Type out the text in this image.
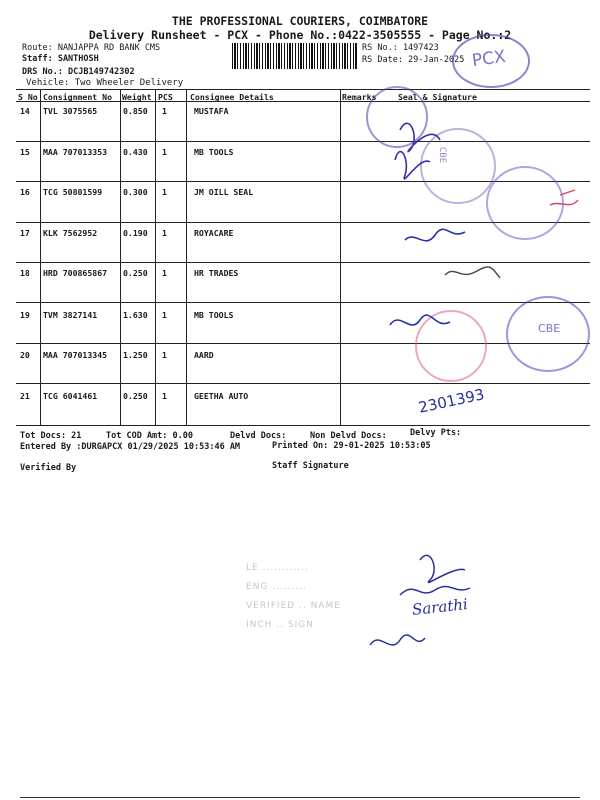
THE PROFESSIONAL COURIERS, COIMBATORE
Delivery Runsheet - PCX - Phone No.:0422-3505555 - Page No.:2
Route: NANJAPPA RD BANK CMS
Staff: SANTHOSH
DRS No.: DCJB149742302
Vehicle: Two Wheeler Delivery
RS No.: 1497423
RS Date: 29-Jan-2025
S No Consignment No Weight PCS Consignee Details	Remarks	Seal & Signature
14 TVL 3075565	0.850 1	MUSTAFA
15 MAA 707013353 0.430 1	MB TOOLS
16 TCG 50801599	0.300 1	JM OILL SEAL
17 KLK 7562952	0.190 1	ROYACARE
18 HRD 700865867 0.250 1	HR TRADES
19 TVM 3827141	1.630 1	MB TOOLS
20 MAA 707013345 1.250 1	AARD
21 TCG 6041461	0.250 1	GEETHA AUTO
Tot Docs: 21	Tot COD Amt: 0.00	Delvd Docs:	Non Delvd Docs:	Delvy Pts:
Entered By :DURGAPCX 01/29/2025 10:53:46 AM	Printed On: 29-01-2025 10:53:05
Verified By	Staff Signature
PCX
CBE
CBE
2301393
LE ............
ENG .........
VERIFIED .. NAME
INCH .. SIGN
Sarathi
